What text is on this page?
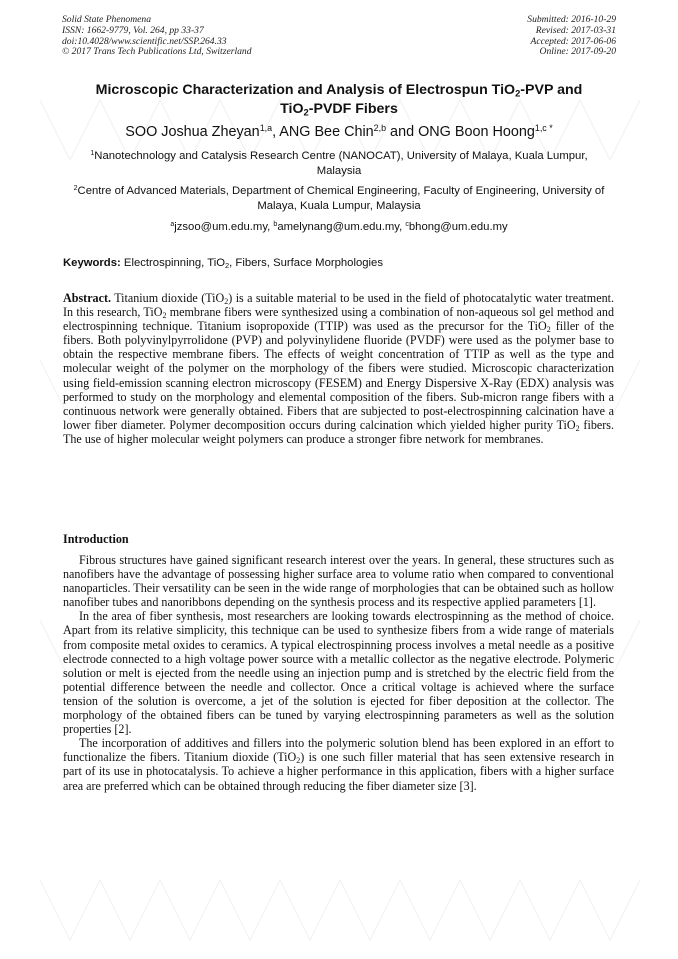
Solid State Phenomena
ISSN: 1662-9779, Vol. 264, pp 33-37
doi:10.4028/www.scientific.net/SSP.264.33
© 2017 Trans Tech Publications Ltd, Switzerland
Submitted: 2016-10-29
Revised: 2017-03-31
Accepted: 2017-06-06
Online: 2017-09-20
Microscopic Characterization and Analysis of Electrospun TiO$_2$-PVP and
TiO$_2$-PVDF Fibers
SOO Joshua Zheyan$^{1,a}$, ANG Bee Chin$^{2,b}$ and ONG Boon Hoong$^{1,c *}$
$^1$Nanotechnology and Catalysis Research Centre (NANOCAT), University of Malaya, Kuala Lumpur, Malaysia
$^2$Centre of Advanced Materials, Department of Chemical Engineering, Faculty of Engineering, University of Malaya, Kuala Lumpur, Malaysia
$^a$jzsoo@um.edu.my, $^b$amelynang@um.edu.my, $^c$bhong@um.edu.my
Keywords: Electrospinning, TiO$_2$, Fibers, Surface Morphologies
Abstract. Titanium dioxide (TiO$_2$) is a suitable material to be used in the field of photocatalytic water treatment. In this research, TiO$_2$ membrane fibers were synthesized using a combination of non-aqueous sol gel method and electrospinning technique. Titanium isopropoxide (TTIP) was used as the precursor for the TiO$_2$ filler of the fibers. Both polyvinylpyrrolidone (PVP) and polyvinylidene fluoride (PVDF) were used as the polymer base to obtain the respective membrane fibers. The effects of weight concentration of TTIP as well as the type and molecular weight of the polymer on the morphology of the fibers were studied. Microscopic characterization using field-emission scanning electron microscopy (FESEM) and Energy Dispersive X-Ray (EDX) analysis was performed to study on the morphology and elemental composition of the fibers. Sub-micron range fibers with a continuous network were generally obtained. Fibers that are subjected to post-electrospinning calcination have a lower fiber diameter. Polymer decomposition occurs during calcination which yielded higher purity TiO$_2$ fibers. The use of higher molecular weight polymers can produce a stronger fibre network for membranes.
Introduction

Fibrous structures have gained significant research interest over the years. In general, these structures such as nanofibers have the advantage of possessing higher surface area to volume ratio when compared to conventional nanoparticles. Their versatility can be seen in the wide range of morphologies that can be obtained such as hollow nanofiber tubes and nanoribbons depending on the synthesis process and its respective applied parameters [1].

In the area of fiber synthesis, most researchers are looking towards electrospinning as the method of choice. Apart from its relative simplicity, this technique can be used to synthesize fibers from a wide range of materials from composite metal oxides to ceramics. A typical electrospinning process involves a metal needle as a positive electrode connected to a high voltage power source with a metallic collector as the negative electrode. Polymeric solution or melt is ejected from the needle using an injection pump and is stretched by the electric field from the potential difference between the needle and collector. Once a critical voltage is achieved where the surface tension of the solution is overcome, a jet of the solution is ejected for fiber deposition at the collector. The morphology of the obtained fibers can be tuned by varying electrospinning parameters as well as the solution properties [2].

The incorporation of additives and fillers into the polymeric solution blend has been explored in an effort to functionalize the fibers. Titanium dioxide (TiO$_2$) is one such filler material that has seen extensive research in part of its use in photocatalysis. To achieve a higher performance in this application, fibers with a higher surface area are preferred which can be obtained through reducing the fiber diameter size [3].
